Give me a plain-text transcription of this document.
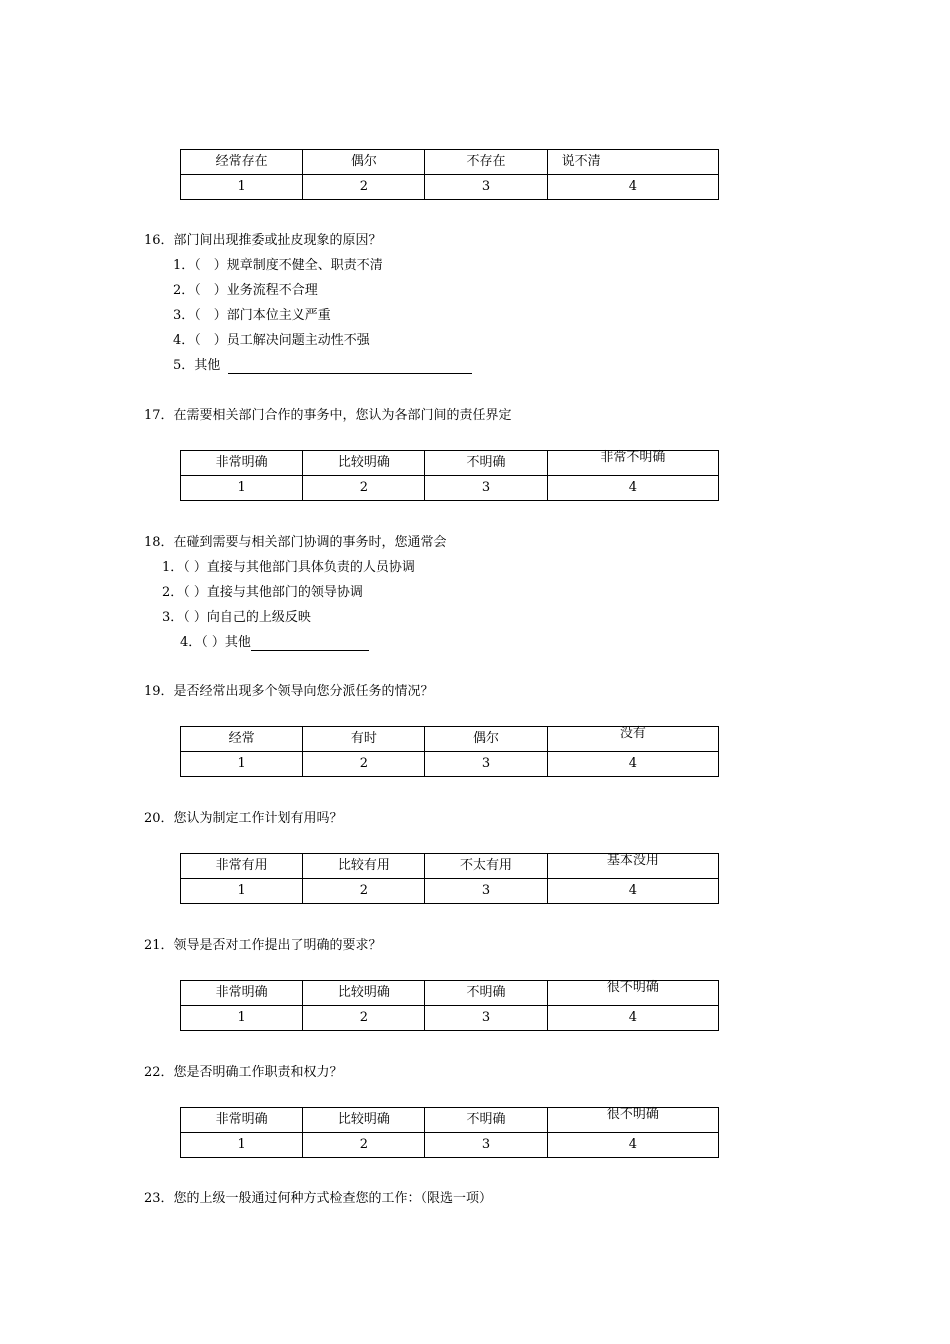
经常存在	偶尔	不存在	说不清
1	2	3	4
16．部门间出现推委或扯皮现象的原因？
1．（　）规章制度不健全、职责不清
2．（　）业务流程不合理
3．（　）部门本位主义严重
4．（　）员工解决问题主动性不强
5．其他
17．在需要相关部门合作的事务中，您认为各部门间的责任界定
非常明确	比较明确	不明确	非常不明确
1	2	3	4
18．在碰到需要与相关部门协调的事务时，您通常会
1．（ ）直接与其他部门具体负责的人员协调
2．（ ）直接与其他部门的领导协调
3．（ ）向自己的上级反映
4．（ ）其他
19．是否经常出现多个领导向您分派任务的情况？
经常	有时	偶尔	没有
1	2	3	4
20．您认为制定工作计划有用吗？
非常有用	比较有用	不太有用	基本没用
1	2	3	4
21．领导是否对工作提出了明确的要求？
非常明确	比较明确	不明确	很不明确
1	2	3	4
22．您是否明确工作职责和权力？
非常明确	比较明确	不明确	很不明确
1	2	3	4
23．您的上级一般通过何种方式检查您的工作：（限选一项）
